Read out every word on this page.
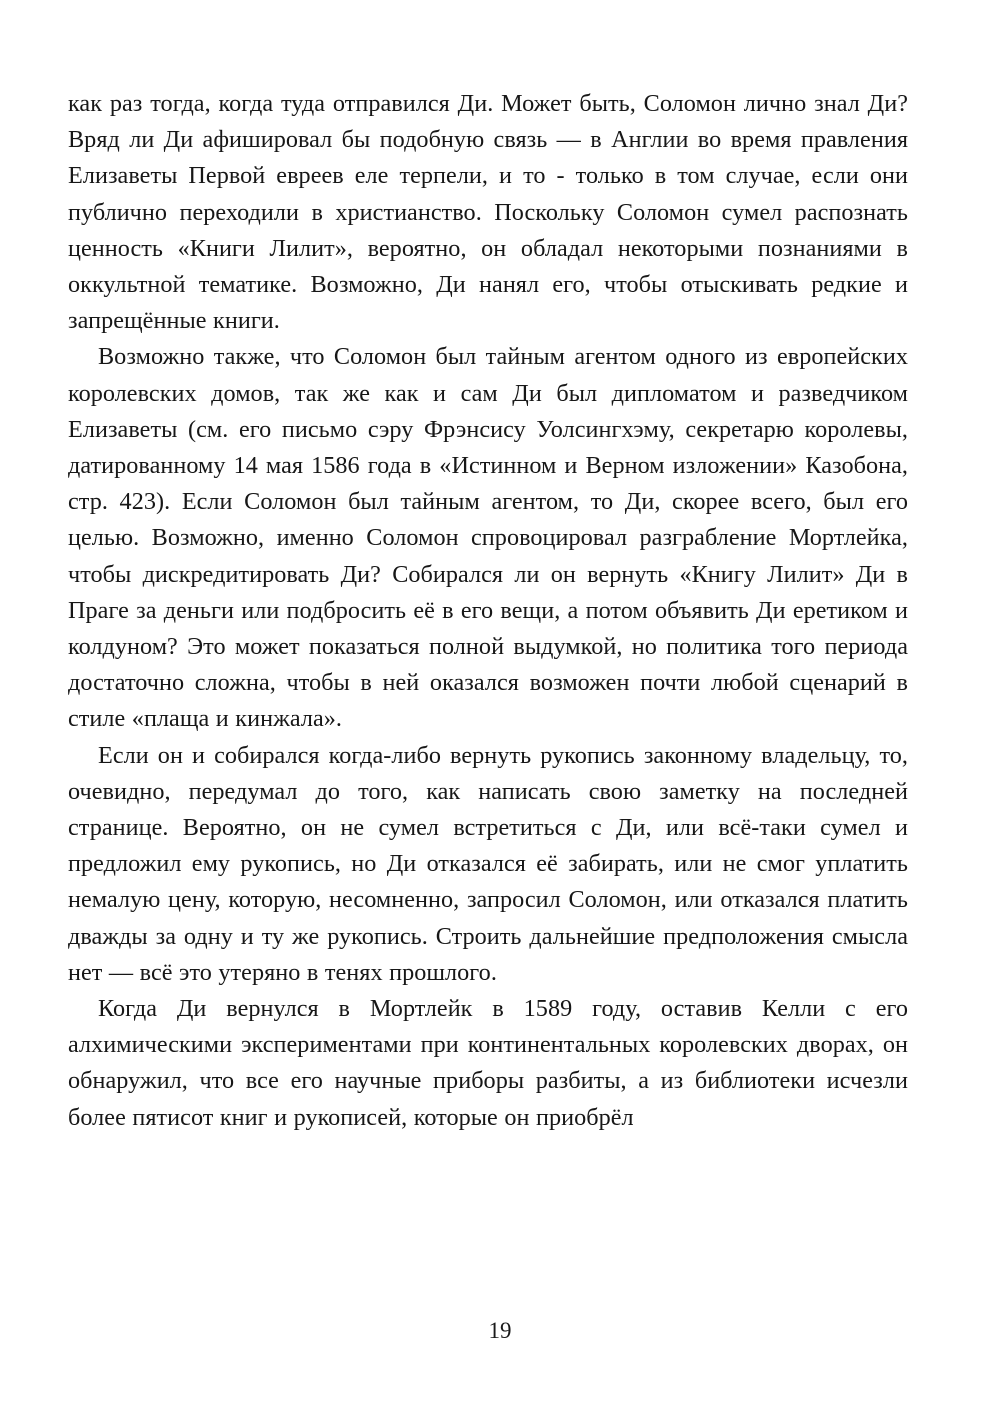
как раз тогда, когда туда отправился Ди. Может быть, Соломон лично знал Ди? Вряд ли Ди афишировал бы подобную связь — в Англии во время правления Елизаветы Первой евреев еле терпели, и то - только в том случае, если они публично переходили в христианство. Поскольку Соломон сумел распознать ценность «Книги Лилит», вероятно, он обладал некоторыми познаниями в оккультной тематике. Возможно, Ди нанял его, чтобы отыскивать редкие и запрещённые книги.

Возможно также, что Соломон был тайным агентом одного из европейских королевских домов, так же как и сам Ди был дипломатом и разведчиком Елизаветы (см. его письмо сэру Фрэнсису Уолсингхэму, секретарю королевы, датированному 14 мая 1586 года в «Истинном и Верном изложении» Казобона, стр. 423). Если Соломон был тайным агентом, то Ди, скорее всего, был его целью. Возможно, именно Соломон спровоцировал разграбление Мортлейка, чтобы дискредитировать Ди? Собирался ли он вернуть «Книгу Лилит» Ди в Праге за деньги или подбросить её в его вещи, а потом объявить Ди еретиком и колдуном? Это может показаться полной выдумкой, но политика того периода достаточно сложна, чтобы в ней оказался возможен почти любой сценарий в стиле «плаща и кинжала».

Если он и собирался когда-либо вернуть рукопись законному владельцу, то, очевидно, передумал до того, как написать свою заметку на последней странице. Вероятно, он не сумел встретиться с Ди, или всё-таки сумел и предложил ему рукопись, но Ди отказался её забирать, или не смог уплатить немалую цену, которую, несомненно, запросил Соломон, или отказался платить дважды за одну и ту же рукопись. Строить дальнейшие предположения смысла нет — всё это утеряно в тенях прошлого.

Когда Ди вернулся в Мортлейк в 1589 году, оставив Келли с его алхимическими экспериментами при континентальных королевских дворах, он обнаружил, что все его научные приборы разбиты, а из библиотеки исчезли более пятисот книг и рукописей, которые он приобрёл

19
